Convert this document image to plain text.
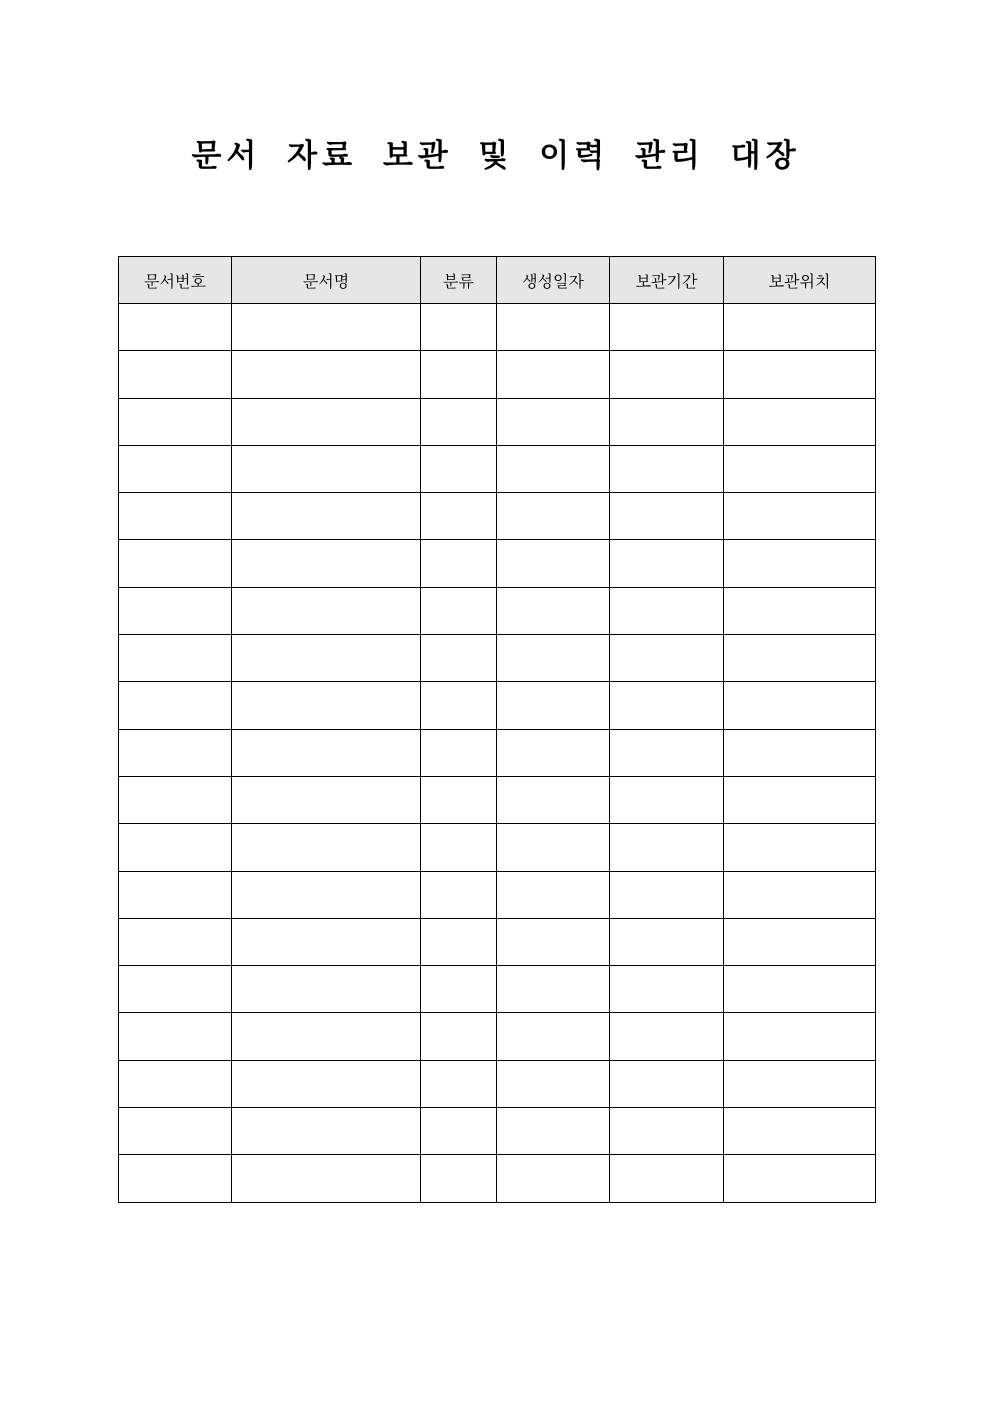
문서 자료 보관 및 이력 관리 대장
문서번호	문서명	분류	생성일자	보관기간	보관위치
